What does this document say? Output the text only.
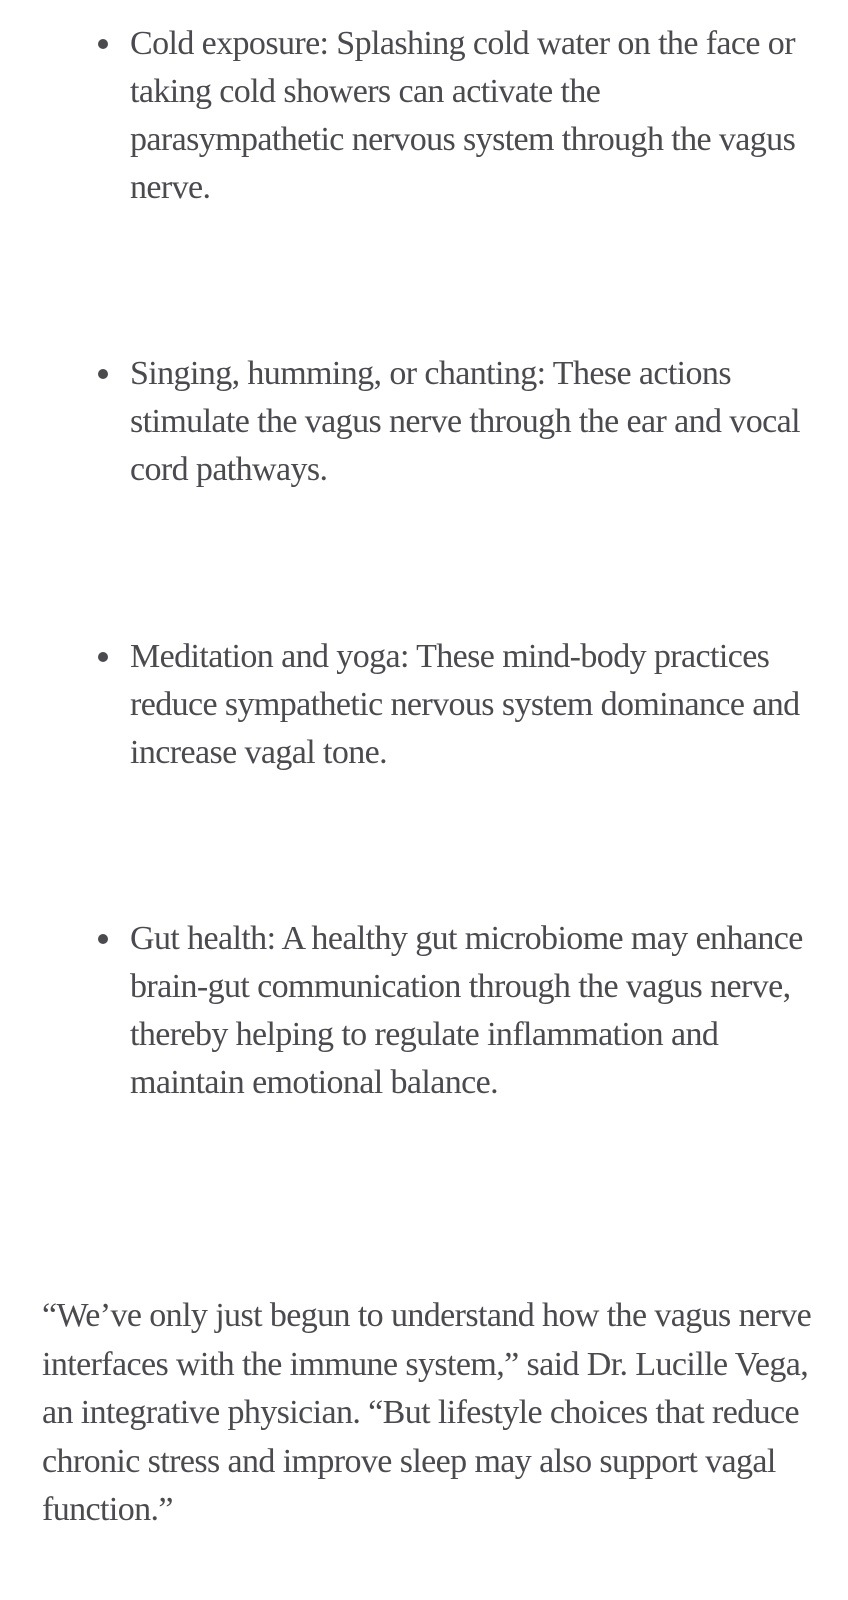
Cold exposure: Splashing cold water on the face or taking cold showers can activate the parasympathetic nervous system through the vagus nerve.

Singing, humming, or chanting: These actions stimulate the vagus nerve through the ear and vocal cord pathways.

Meditation and yoga: These mind-body practices reduce sympathetic nervous system dominance and increase vagal tone.

Gut health: A healthy gut microbiome may enhance brain-gut communication through the vagus nerve, thereby helping to regulate inflammation and maintain emotional balance.

“We’ve only just begun to understand how the vagus nerve interfaces with the immune system,” said Dr. Lucille Vega, an integrative physician. “But lifestyle choices that reduce chronic stress and improve sleep may also support vagal function.”
